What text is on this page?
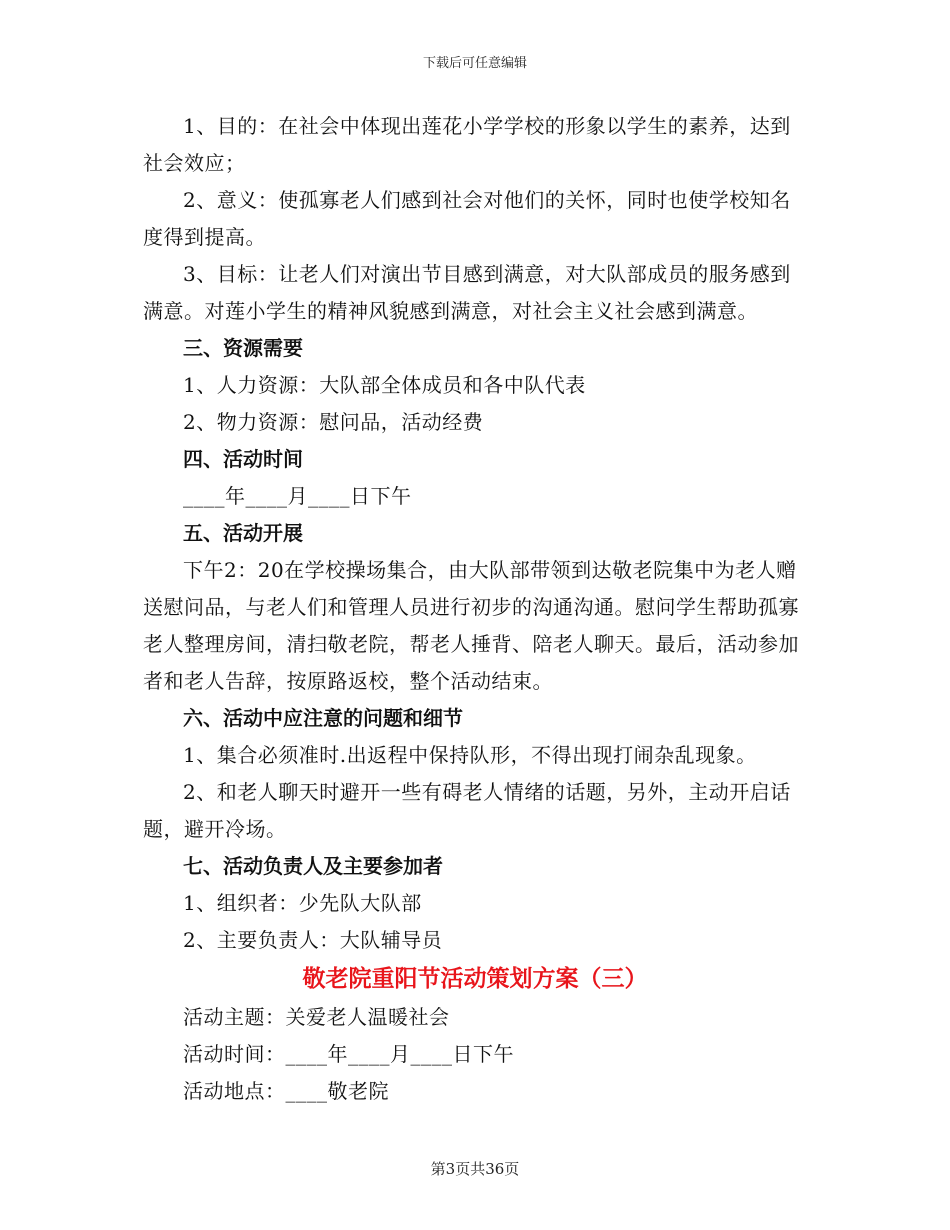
下载后可任意编辑

1、目的：在社会中体现出莲花小学学校的形象以学生的素养，达到社会效应；

2、意义：使孤寡老人们感到社会对他们的关怀，同时也使学校知名度得到提高。

3、目标：让老人们对演出节目感到满意，对大队部成员的服务感到满意。对莲小学生的精神风貌感到满意，对社会主义社会感到满意。

三、资源需要

1、人力资源：大队部全体成员和各中队代表

2、物力资源：慰问品，活动经费

四、活动时间

____年____月____日下午

五、活动开展

下午2：20在学校操场集合，由大队部带领到达敬老院集中为老人赠送慰问品，与老人们和管理人员进行初步的沟通沟通。慰问学生帮助孤寡老人整理房间，清扫敬老院，帮老人捶背、陪老人聊天。最后，活动参加者和老人告辞，按原路返校，整个活动结束。

六、活动中应注意的问题和细节

1、集合必须准时.出返程中保持队形，不得出现打闹杂乱现象。

2、和老人聊天时避开一些有碍老人情绪的话题，另外，主动开启话题，避开冷场。

七、活动负责人及主要参加者

1、组织者：少先队大队部

2、主要负责人：大队辅导员

敬老院重阳节活动策划方案（三）

活动主题：关爱老人温暖社会

活动时间：____年____月____日下午

活动地点：____敬老院

第3页共36页
